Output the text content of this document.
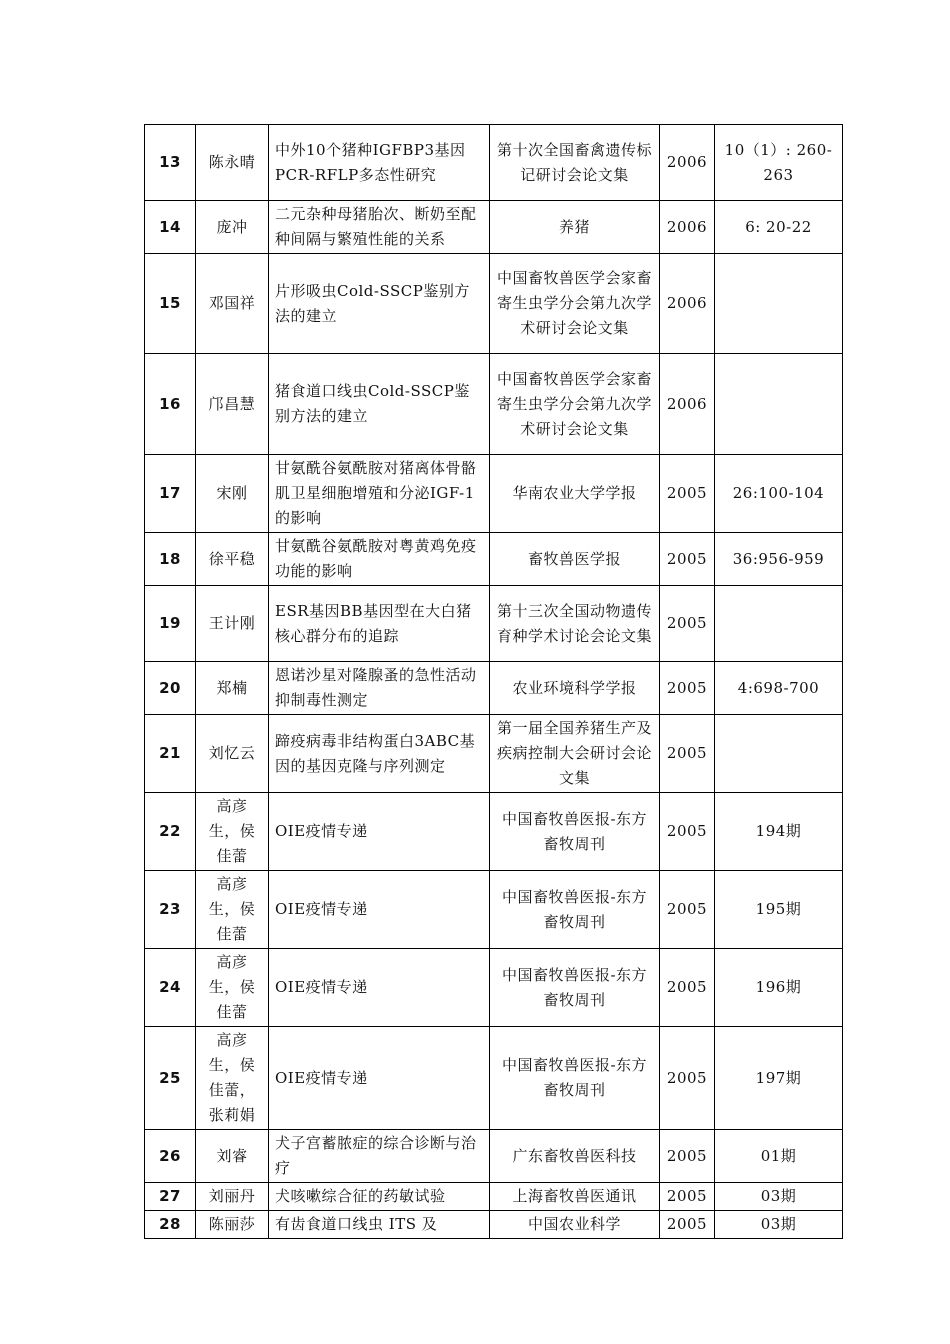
13	陈永晴	中外10个猪种IGFBP3基因PCR-RFLP多态性研究	第十次全国畜禽遗传标记研讨会论文集	2006	10（1）: 260-263
14	庞冲	二元杂种母猪胎次、断奶至配种间隔与繁殖性能的关系	养猪	2006	6: 20-22
15	邓国祥	片形吸虫Cold-SSCP鉴别方法的建立	中国畜牧兽医学会家畜寄生虫学分会第九次学术研讨会论文集	2006	
16	邝昌慧	猪食道口线虫Cold-SSCP鉴别方法的建立	中国畜牧兽医学会家畜寄生虫学分会第九次学术研讨会论文集	2006	
17	宋刚	甘氨酰谷氨酰胺对猪离体骨骼肌卫星细胞增殖和分泌IGF-1的影响	华南农业大学学报	2005	26:100-104
18	徐平稳	甘氨酰谷氨酰胺对粤黄鸡免疫功能的影响	畜牧兽医学报	2005	36:956-959
19	王计刚	ESR基因BB基因型在大白猪核心群分布的追踪	第十三次全国动物遗传育种学术讨论会论文集	2005	
20	郑楠	恩诺沙星对隆腺蚤的急性活动抑制毒性测定	农业环境科学学报	2005	4:698-700
21	刘忆云	蹄疫病毒非结构蛋白3ABC基因的基因克隆与序列测定	第一届全国养猪生产及疾病控制大会研讨会论文集	2005	
22	高彦生，侯佳蕾	OIE疫情专递	中国畜牧兽医报-东方畜牧周刊	2005	194期
23	高彦生，侯佳蕾	OIE疫情专递	中国畜牧兽医报-东方畜牧周刊	2005	195期
24	高彦生，侯佳蕾	OIE疫情专递	中国畜牧兽医报-东方畜牧周刊	2005	196期
25	高彦生，侯佳蕾，张莉娟	OIE疫情专递	中国畜牧兽医报-东方畜牧周刊	2005	197期
26	刘睿	犬子宫蓄脓症的综合诊断与治疗	广东畜牧兽医科技	2005	01期
27	刘丽丹	犬咳嗽综合征的药敏试验	上海畜牧兽医通讯	2005	03期
28	陈丽莎	有齿食道口线虫 ITS 及	中国农业科学	2005	03期
